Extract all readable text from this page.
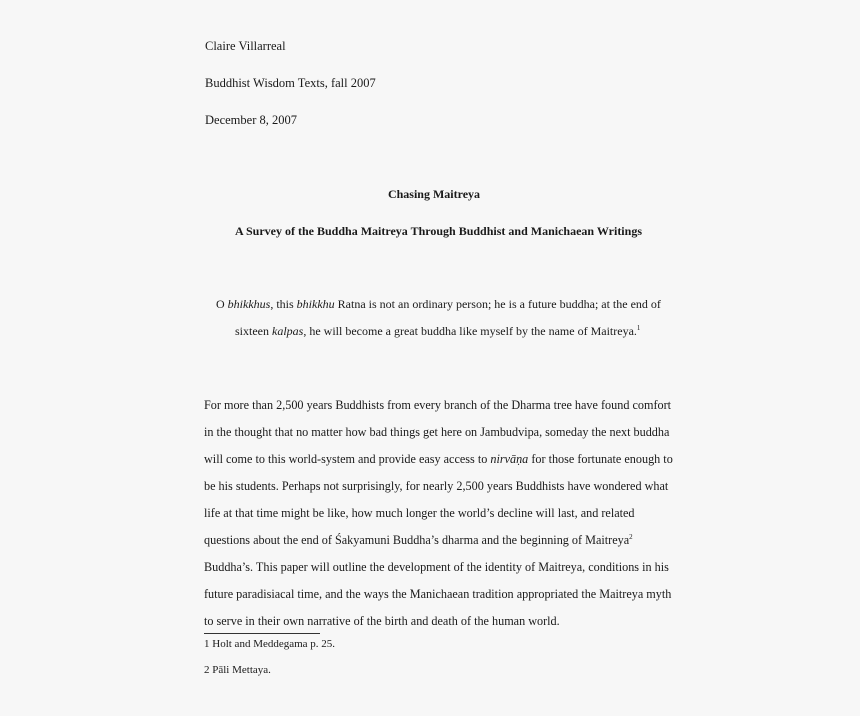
Claire Villarreal
Buddhist Wisdom Texts, fall 2007
December 8, 2007
Chasing Maitreya
A Survey of the Buddha Maitreya Through Buddhist and Manichaean Writings
O bhikkhus, this bhikkhu Ratna is not an ordinary person; he is a future buddha; at the end of
sixteen kalpas, he will become a great buddha like myself by the name of Maitreya.$^1$
For more than 2,500 years Buddhists from every branch of the Dharma tree have found comfort
in the thought that no matter how bad things get here on Jambudvipa, someday the next buddha
will come to this world-system and provide easy access to nirvāṇa for those fortunate enough to
be his students. Perhaps not surprisingly, for nearly 2,500 years Buddhists have wondered what
life at that time might be like, how much longer the world’s decline will last, and related
questions about the end of Śakyamuni Buddha’s dharma and the beginning of Maitreya$^2$
Buddha’s. This paper will outline the development of the identity of Maitreya, conditions in his
future paradisiacal time, and the ways the Manichaean tradition appropriated the Maitreya myth
to serve in their own narrative of the birth and death of the human world.
1 Holt and Meddegama p. 25.
2 Pāli Mettaya.
